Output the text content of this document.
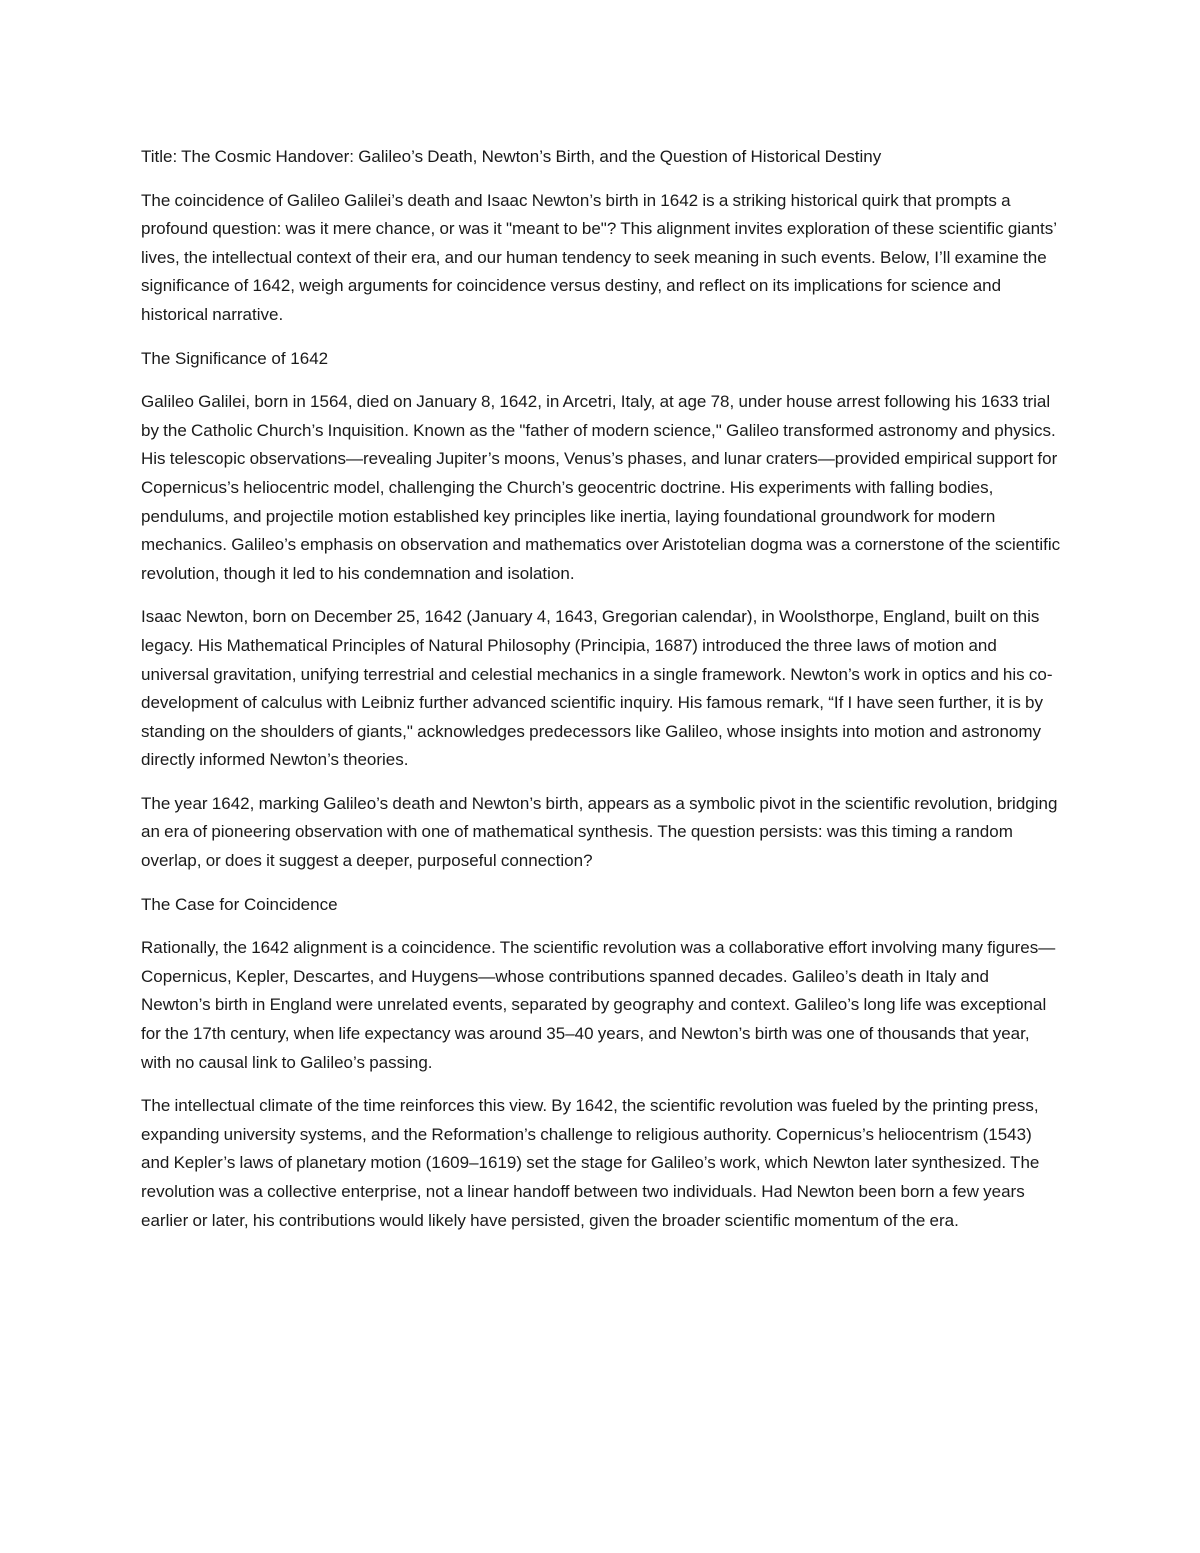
Title: The Cosmic Handover: Galileo’s Death, Newton’s Birth, and the Question of Historical Destiny

The coincidence of Galileo Galilei’s death and Isaac Newton’s birth in 1642 is a striking historical quirk that prompts a profound question: was it mere chance, or was it "meant to be"? This alignment invites exploration of these scientific giants’ lives, the intellectual context of their era, and our human tendency to seek meaning in such events. Below, I’ll examine the significance of 1642, weigh arguments for coincidence versus destiny, and reflect on its implications for science and historical narrative.

The Significance of 1642

Galileo Galilei, born in 1564, died on January 8, 1642, in Arcetri, Italy, at age 78, under house arrest following his 1633 trial by the Catholic Church’s Inquisition. Known as the "father of modern science," Galileo transformed astronomy and physics. His telescopic observations—revealing Jupiter’s moons, Venus’s phases, and lunar craters—provided empirical support for Copernicus’s heliocentric model, challenging the Church’s geocentric doctrine. His experiments with falling bodies, pendulums, and projectile motion established key principles like inertia, laying foundational groundwork for modern mechanics. Galileo’s emphasis on observation and mathematics over Aristotelian dogma was a cornerstone of the scientific revolution, though it led to his condemnation and isolation.

Isaac Newton, born on December 25, 1642 (January 4, 1643, Gregorian calendar), in Woolsthorpe, England, built on this legacy. His Mathematical Principles of Natural Philosophy (Principia, 1687) introduced the three laws of motion and universal gravitation, unifying terrestrial and celestial mechanics in a single framework. Newton’s work in optics and his co-development of calculus with Leibniz further advanced scientific inquiry. His famous remark, “If I have seen further, it is by standing on the shoulders of giants," acknowledges predecessors like Galileo, whose insights into motion and astronomy directly informed Newton’s theories.

The year 1642, marking Galileo’s death and Newton’s birth, appears as a symbolic pivot in the scientific revolution, bridging an era of pioneering observation with one of mathematical synthesis. The question persists: was this timing a random overlap, or does it suggest a deeper, purposeful connection?

The Case for Coincidence

Rationally, the 1642 alignment is a coincidence. The scientific revolution was a collaborative effort involving many figures—Copernicus, Kepler, Descartes, and Huygens—whose contributions spanned decades. Galileo’s death in Italy and Newton’s birth in England were unrelated events, separated by geography and context. Galileo’s long life was exceptional for the 17th century, when life expectancy was around 35–40 years, and Newton’s birth was one of thousands that year, with no causal link to Galileo’s passing.

The intellectual climate of the time reinforces this view. By 1642, the scientific revolution was fueled by the printing press, expanding university systems, and the Reformation’s challenge to religious authority. Copernicus’s heliocentrism (1543) and Kepler’s laws of planetary motion (1609–1619) set the stage for Galileo’s work, which Newton later synthesized. The revolution was a collective enterprise, not a linear handoff between two individuals. Had Newton been born a few years earlier or later, his contributions would likely have persisted, given the broader scientific momentum of the era.
